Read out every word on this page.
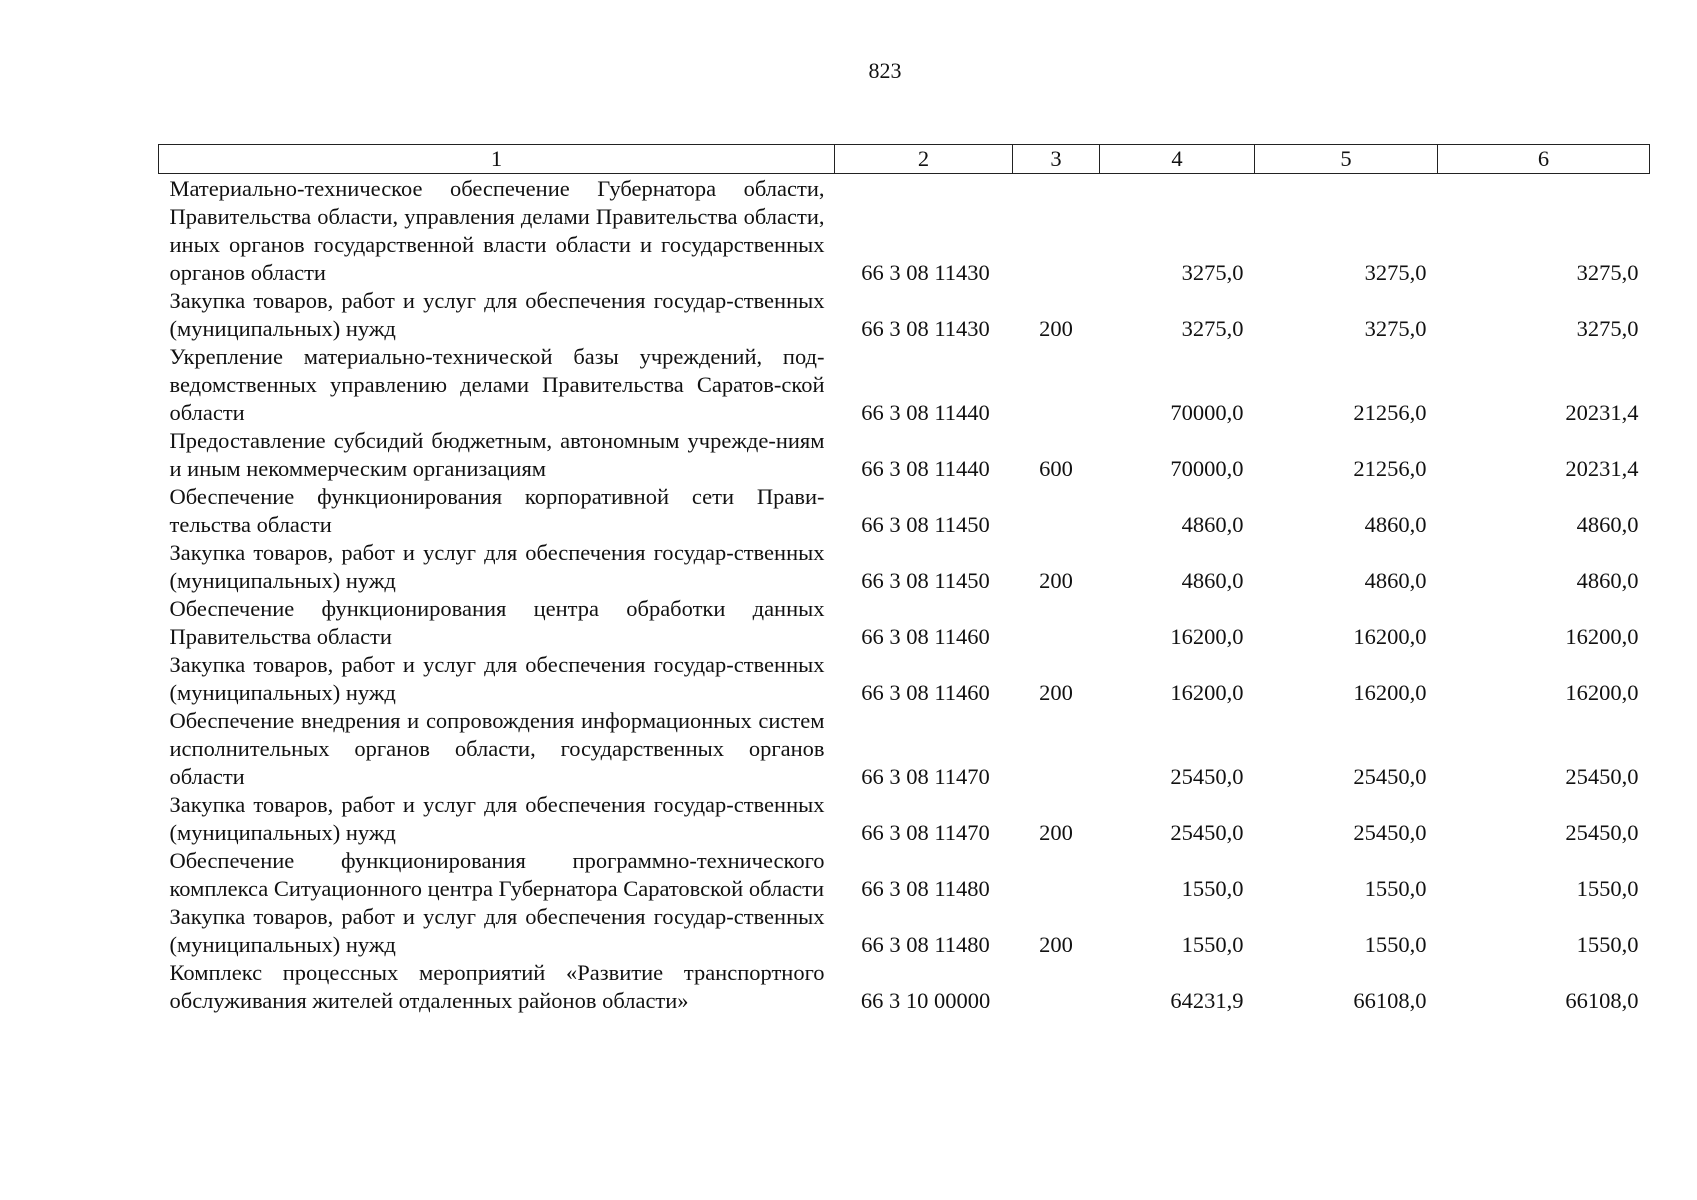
823
1	2	3	4	5	6
Материально-техническое обеспечение Губернатора области, Правительства области, управления делами Правительства области, иных органов государственной власти области и государственных органов области	66 3 08 11430		3275,0	3275,0	3275,0
Закупка товаров, работ и услуг для обеспечения государ-ственных (муниципальных) нужд	66 3 08 11430	200	3275,0	3275,0	3275,0
Укрепление материально-технической базы учреждений, под-ведомственных управлению делами Правительства Саратов-ской области	66 3 08 11440		70000,0	21256,0	20231,4
Предоставление субсидий бюджетным, автономным учрежде-ниям и иным некоммерческим организациям	66 3 08 11440	600	70000,0	21256,0	20231,4
Обеспечение функционирования корпоративной сети Прави-тельства области	66 3 08 11450		4860,0	4860,0	4860,0
Закупка товаров, работ и услуг для обеспечения государ-ственных (муниципальных) нужд	66 3 08 11450	200	4860,0	4860,0	4860,0
Обеспечение функционирования центра обработки данных Правительства области	66 3 08 11460		16200,0	16200,0	16200,0
Закупка товаров, работ и услуг для обеспечения государ-ственных (муниципальных) нужд	66 3 08 11460	200	16200,0	16200,0	16200,0
Обеспечение внедрения и сопровождения информационных систем исполнительных органов области, государственных органов области	66 3 08 11470		25450,0	25450,0	25450,0
Закупка товаров, работ и услуг для обеспечения государ-ственных (муниципальных) нужд	66 3 08 11470	200	25450,0	25450,0	25450,0
Обеспечение функционирования программно-технического комплекса Ситуационного центра Губернатора Саратовской области	66 3 08 11480		1550,0	1550,0	1550,0
Закупка товаров, работ и услуг для обеспечения государ-ственных (муниципальных) нужд	66 3 08 11480	200	1550,0	1550,0	1550,0
Комплекс процессных мероприятий «Развитие транспортного обслуживания жителей отдаленных районов области»	66 3 10 00000		64231,9	66108,0	66108,0
